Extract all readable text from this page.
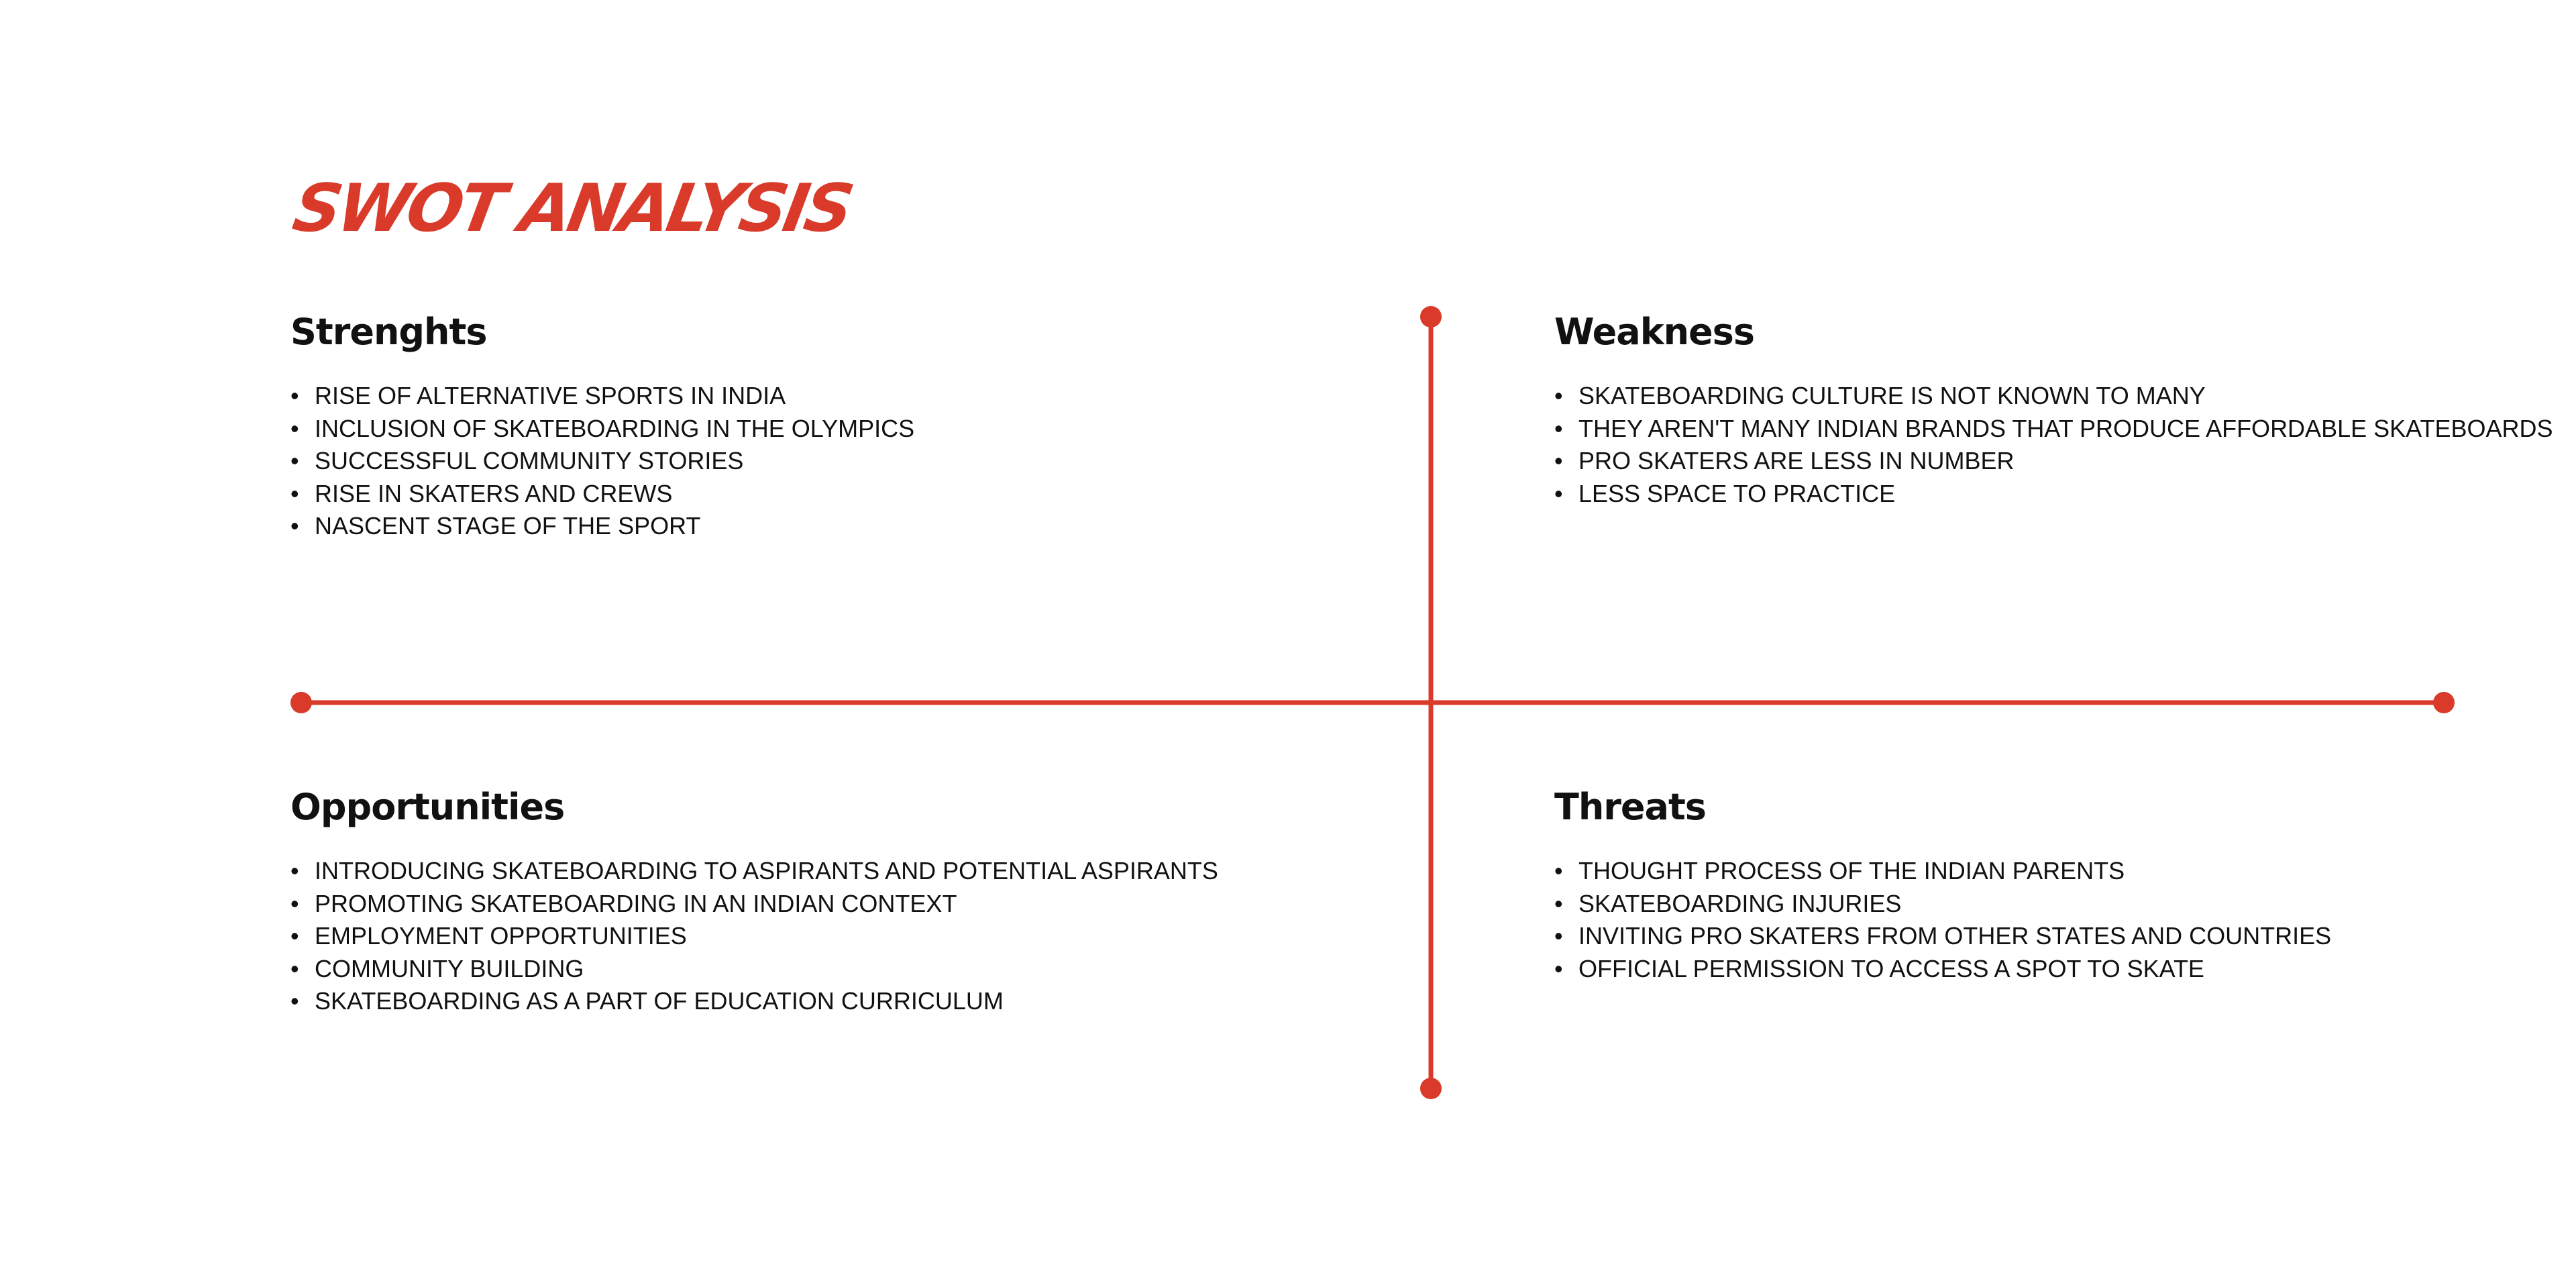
SWOT ANALYSIS
Strenghts
• RISE OF ALTERNATIVE SPORTS IN INDIA
• INCLUSION OF SKATEBOARDING IN THE OLYMPICS
• SUCCESSFUL COMMUNITY STORIES
• RISE IN SKATERS AND CREWS
• NASCENT STAGE OF THE SPORT
Weakness
• SKATEBOARDING CULTURE IS NOT KNOWN TO MANY
• THEY AREN'T MANY INDIAN BRANDS THAT PRODUCE AFFORDABLE SKATEBOARDS
• PRO SKATERS ARE LESS IN NUMBER
• LESS SPACE TO PRACTICE
Opportunities
• INTRODUCING SKATEBOARDING TO ASPIRANTS AND POTENTIAL ASPIRANTS
• PROMOTING SKATEBOARDING IN AN INDIAN CONTEXT
• EMPLOYMENT OPPORTUNITIES
• COMMUNITY BUILDING
• SKATEBOARDING AS A PART OF EDUCATION CURRICULUM
Threats
• THOUGHT PROCESS OF THE INDIAN PARENTS
• SKATEBOARDING INJURIES
• INVITING PRO SKATERS FROM OTHER STATES AND COUNTRIES
• OFFICIAL PERMISSION TO ACCESS A SPOT TO SKATE
